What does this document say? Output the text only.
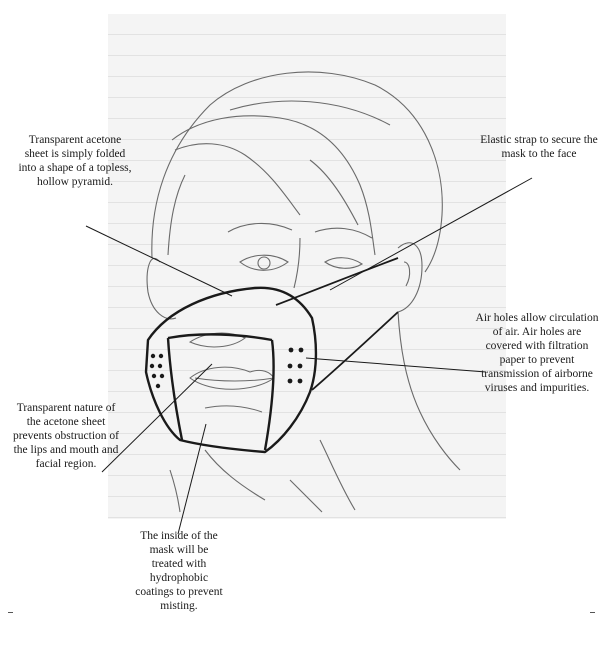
Transparent acetone sheet is simply folded into a shape of a topless, hollow pyramid.
Elastic strap to secure the mask to the face
Air holes allow circulation of air. Air holes are covered with filtration paper to prevent transmission of airborne viruses and impurities.
Transparent nature of the acetone sheet prevents obstruction of the lips and mouth and facial region.
The inside of the mask will be treated with hydrophobic coatings to prevent misting.
